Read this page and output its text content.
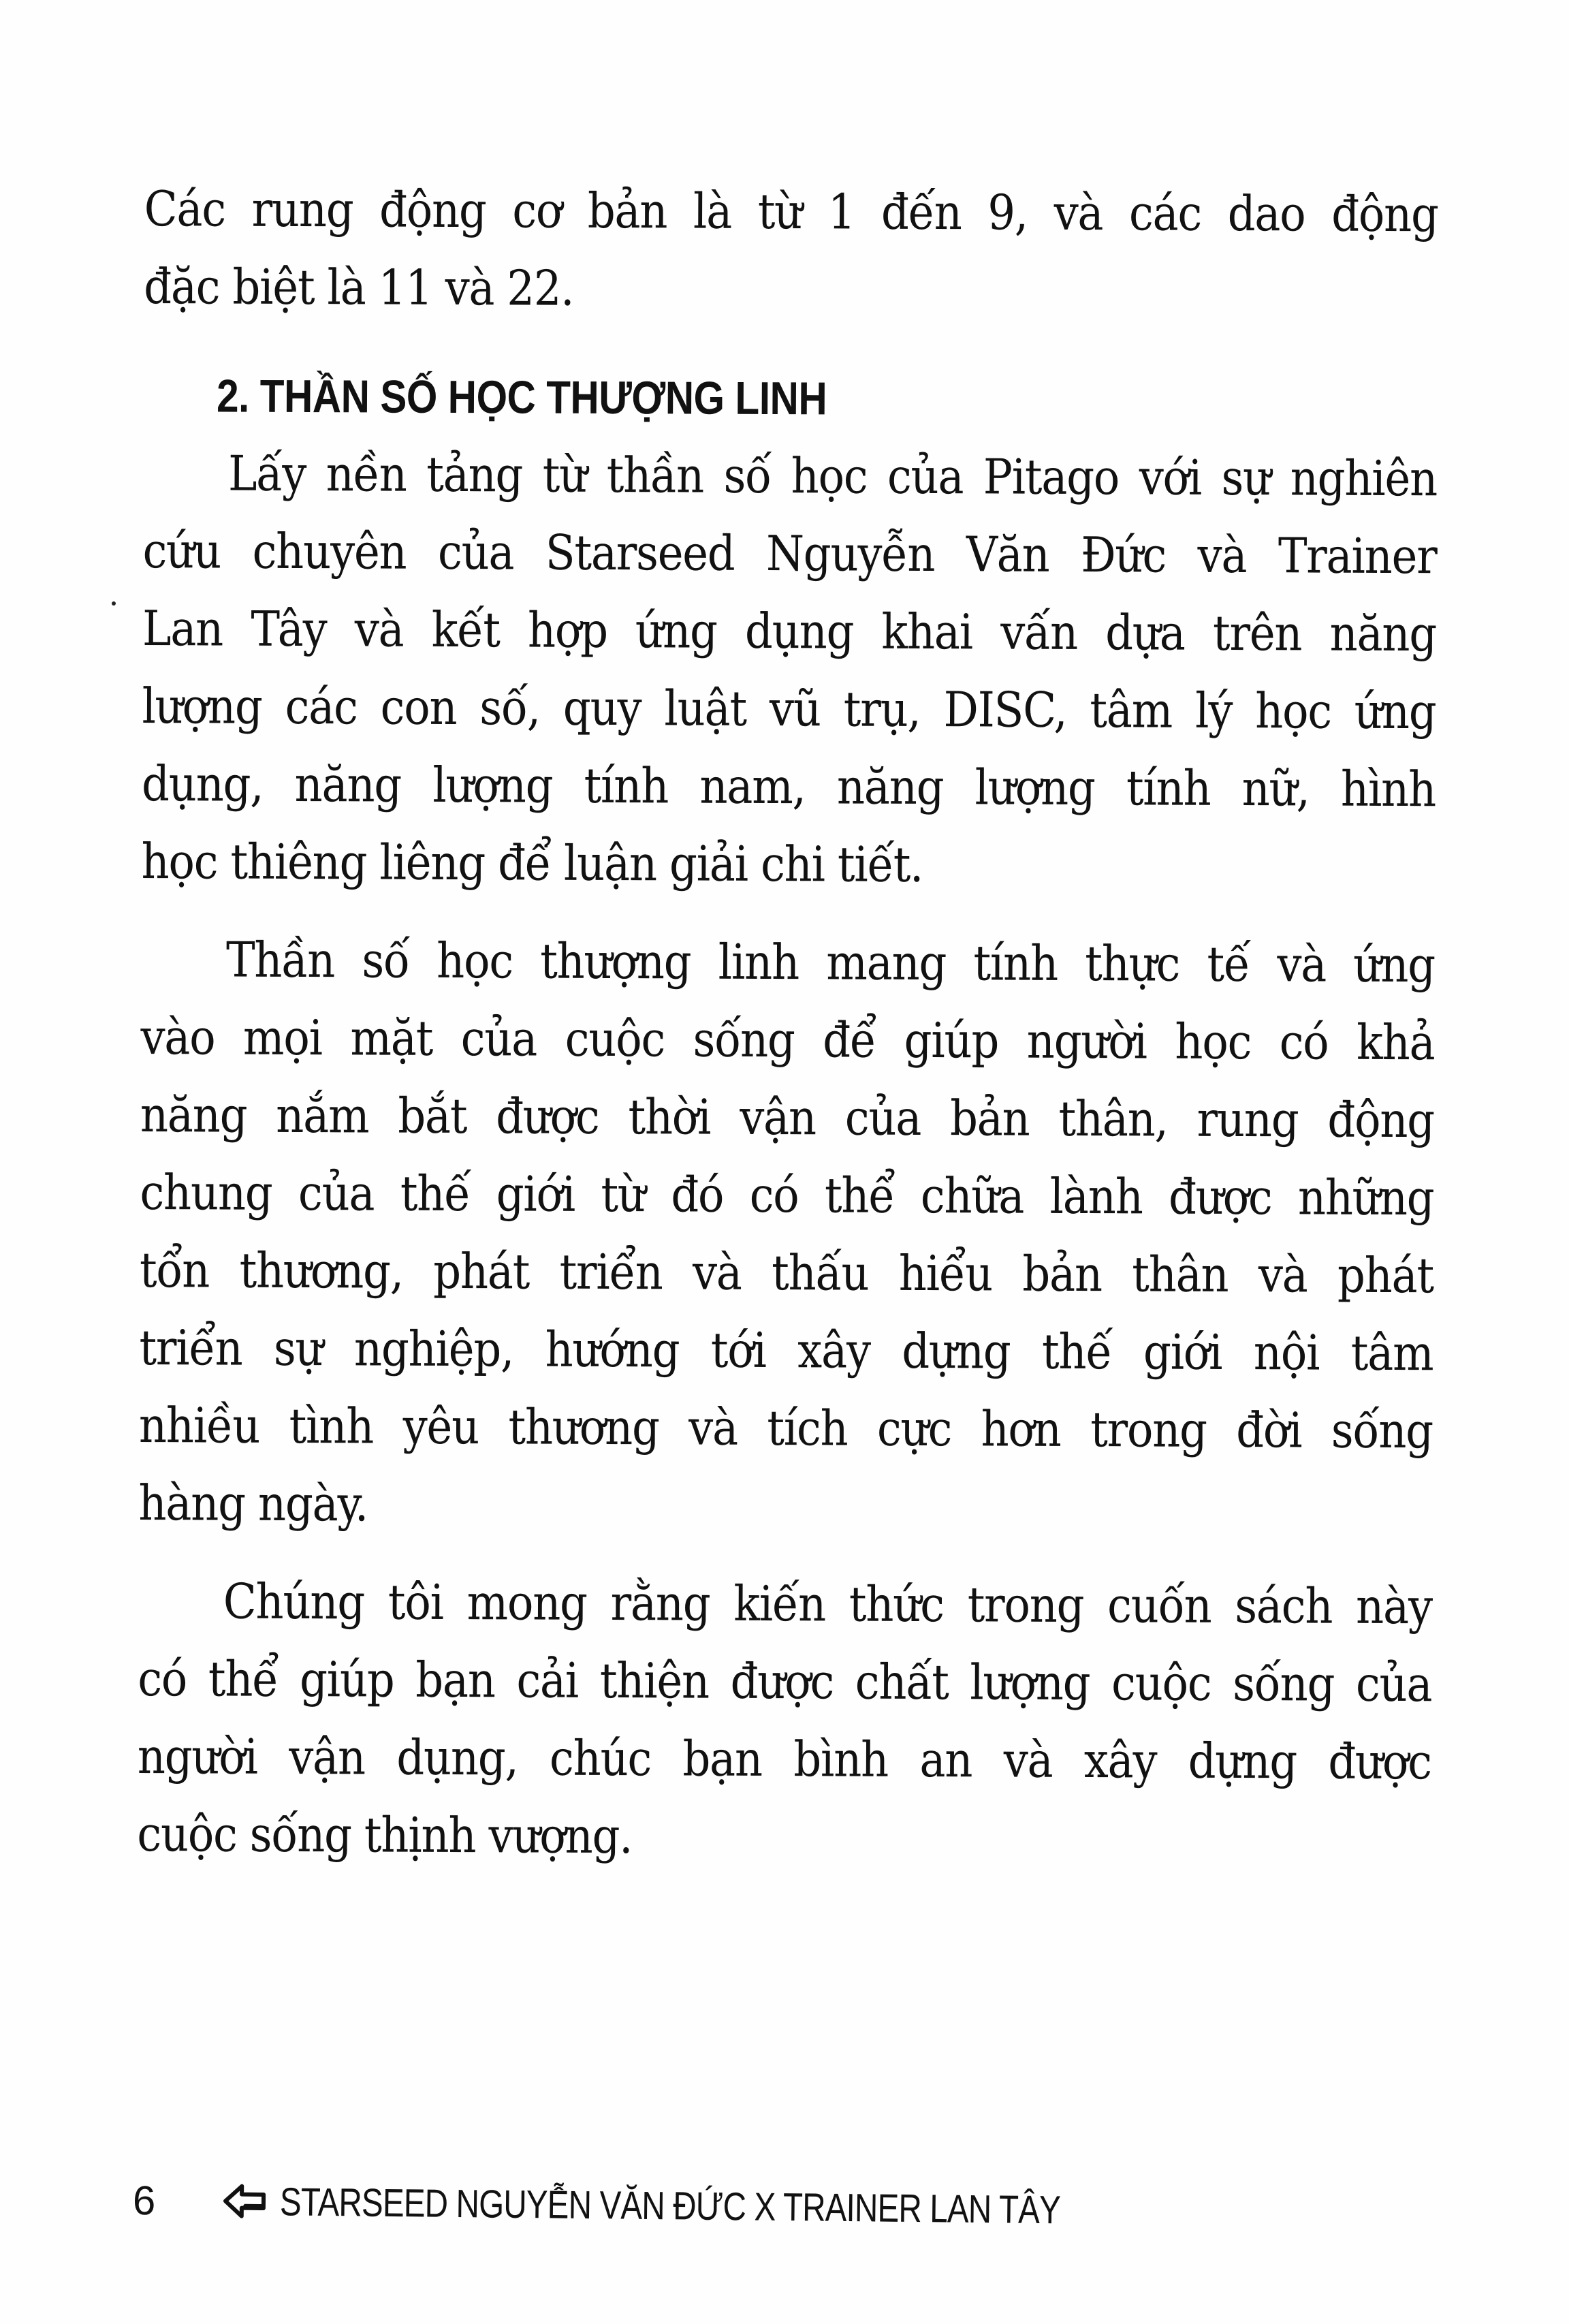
Các rung động cơ bản là từ 1 đến 9, và các dao động
đặc biệt là 11 và 22.
2. THẦN SỐ HỌC THƯỢNG LINH
Lấy nền tảng từ thần số học của Pitago với sự nghiên
cứu chuyên của Starseed Nguyễn Văn Đức và Trainer
Lan Tây và kết hợp ứng dụng khai vấn dựa trên năng
lượng các con số, quy luật vũ trụ, DISC, tâm lý học ứng
dụng, năng lượng tính nam, năng lượng tính nữ, hình
học thiêng liêng để luận giải chi tiết.
Thần số học thượng linh mang tính thực tế và ứng
vào mọi mặt của cuộc sống để giúp người học có khả
năng nắm bắt được thời vận của bản thân, rung động
chung của thế giới từ đó có thể chữa lành được những
tổn thương, phát triển và thấu hiểu bản thân và phát
triển sự nghiệp, hướng tới xây dựng thế giới nội tâm
nhiều tình yêu thương và tích cực hơn trong đời sống
hàng ngày.
Chúng tôi mong rằng kiến thức trong cuốn sách này
có thể giúp bạn cải thiện được chất lượng cuộc sống của
người vận dụng, chúc bạn bình an và xây dựng được
cuộc sống thịnh vượng.
6	STARSEED NGUYỄN VĂN ĐỨC X TRAINER LAN TÂY
